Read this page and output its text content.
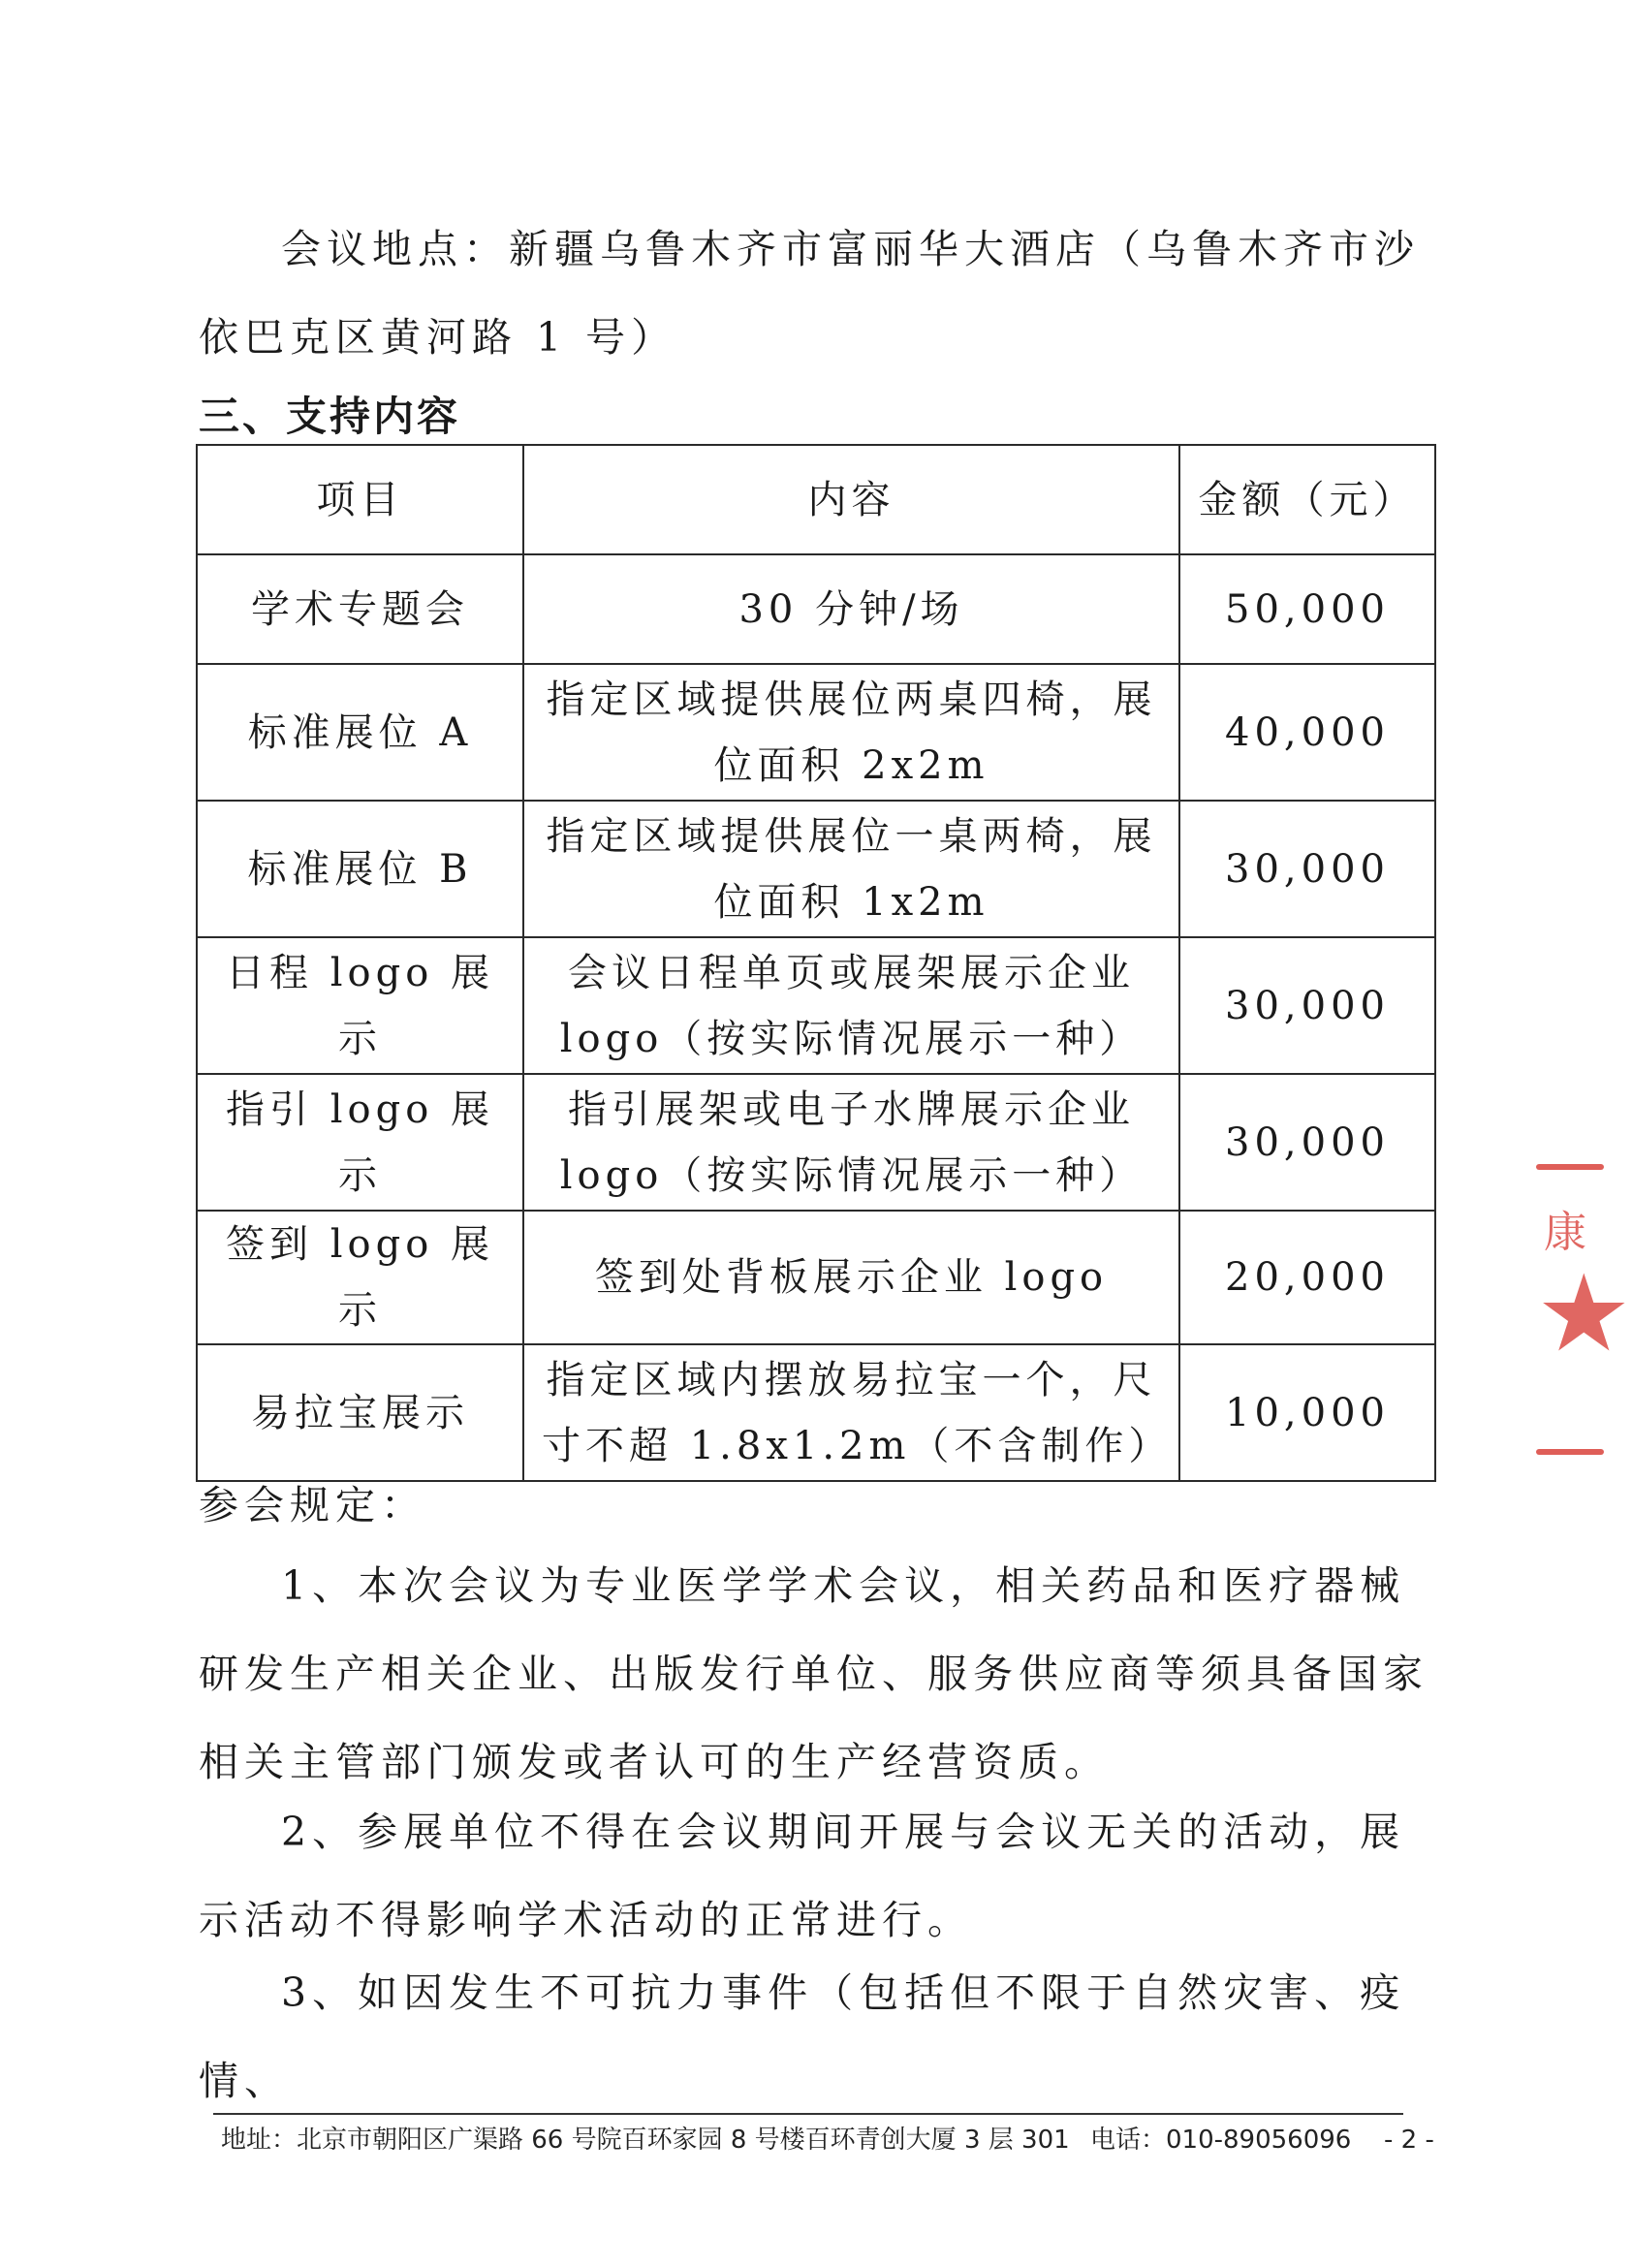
会议地点：新疆乌鲁木齐市富丽华大酒店（乌鲁木齐市沙依巴克区黄河路 1 号）
三、支持内容
项目	内容	金额（元）
学术专题会	30 分钟/场	50,000
标准展位 A	指定区域提供展位两桌四椅，展位面积 2x2m	40,000
标准展位 B	指定区域提供展位一桌两椅，展位面积 1x2m	30,000
日程 logo 展示	会议日程单页或展架展示企业 logo（按实际情况展示一种）	30,000
指引 logo 展示	指引展架或电子水牌展示企业 logo（按实际情况展示一种）	30,000
签到 logo 展示	签到处背板展示企业 logo	20,000
易拉宝展示	指定区域内摆放易拉宝一个，尺寸不超 1.8x1.2m（不含制作）	10,000
参会规定：
1、本次会议为专业医学学术会议，相关药品和医疗器械研发生产相关企业、出版发行单位、服务供应商等须具备国家相关主管部门颁发或者认可的生产经营资质。
2、参展单位不得在会议期间开展与会议无关的活动，展示活动不得影响学术活动的正常进行。
3、如因发生不可抗力事件（包括但不限于自然灾害、疫情、
康
★
地址：北京市朝阳区广渠路 66 号院百环家园 8 号楼百环青创大厦 3 层 301 电话：010-89056096 - 2 -
